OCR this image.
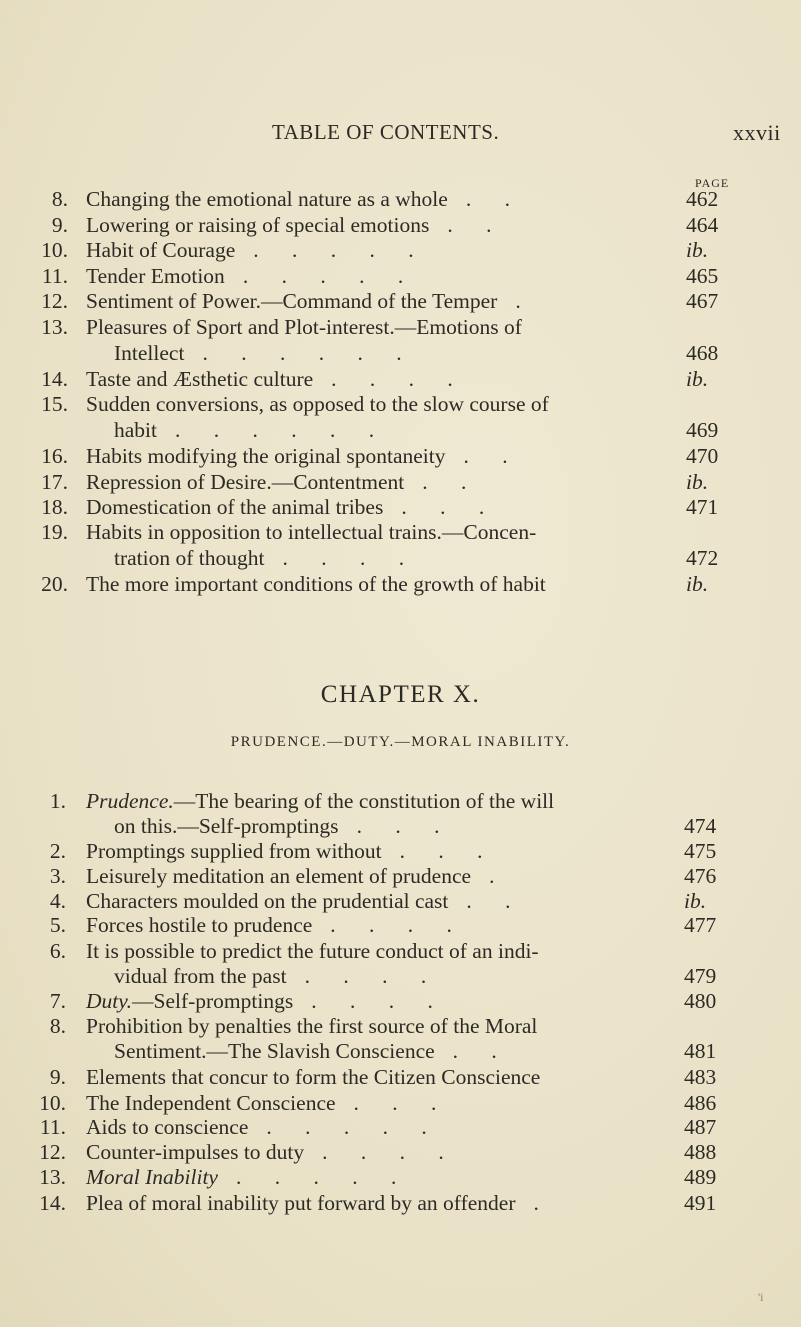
TABLE OF CONTENTS.	xxvii
PAGE
8. Changing the emotional nature as a whole . .	462
9. Lowering or raising of special emotions . .	464
10. Habit of Courage . . . . .	ib.
11. Tender Emotion . . . . .	465
12. Sentiment of Power.—Command of the Temper .	467
13. Pleasures of Sport and Plot-interest.—Emotions of
Intellect . . . . . .	468
14. Taste and Æsthetic culture . . . .	ib.
15. Sudden conversions, as opposed to the slow course of
habit . . . . . .	469
16. Habits modifying the original spontaneity . .	470
17. Repression of Desire.—Contentment . .	ib.
18. Domestication of the animal tribes . . .	471
19. Habits in opposition to intellectual trains.—Concen-
tration of thought . . . .	472
20. The more important conditions of the growth of habit	ib.
CHAPTER X.
PRUDENCE.—DUTY.—MORAL INABILITY.
1. Prudence.—The bearing of the constitution of the will
on this.—Self-promptings . . .	474
2. Promptings supplied from without . . .	475
3. Leisurely meditation an element of prudence .	476
4. Characters moulded on the prudential cast . .	ib.
5. Forces hostile to prudence . . . .	477
6. It is possible to predict the future conduct of an indi-
vidual from the past . . . .	479
7. Duty.—Self-promptings . . . .	480
8. Prohibition by penalties the first source of the Moral
Sentiment.—The Slavish Conscience . .	481
9. Elements that concur to form the Citizen Conscience	483
10. The Independent Conscience . . .	486
11. Aids to conscience . . . . .	487
12. Counter-impulses to duty . . . .	488
13. Moral Inability . . . . .	489
14. Plea of moral inability put forward by an offender .	491
'i
